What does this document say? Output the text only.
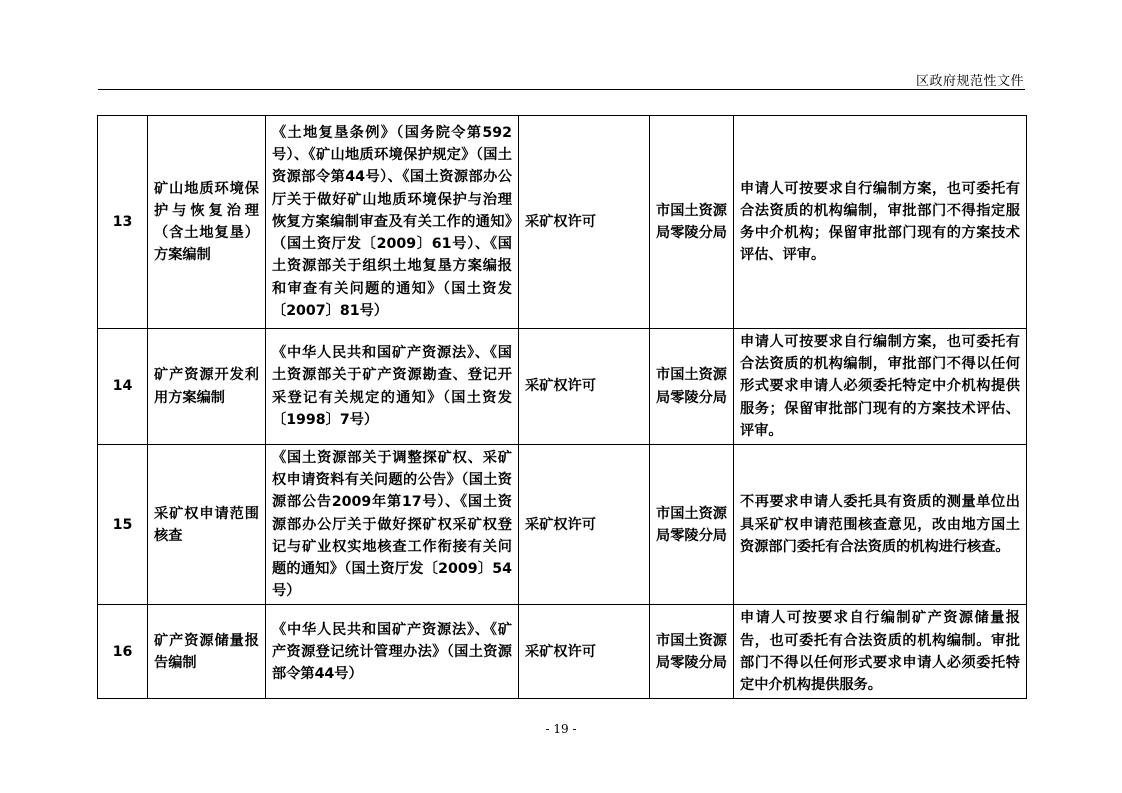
区政府规范性文件
13	矿山地质环境保护与恢复治理（含土地复垦）方案编制	《土地复垦条例》（国务院令第592号）、《矿山地质环境保护规定》（国土资源部令第44号）、《国土资源部办公厅关于做好矿山地质环境保护与治理恢复方案编制审查及有关工作的通知》（国土资厅发〔2009〕61号）、《国土资源部关于组织土地复垦方案编报和审查有关问题的通知》（国土资发〔2007〕81号）	采矿权许可	市国土资源局零陵分局	申请人可按要求自行编制方案，也可委托有合法资质的机构编制，审批部门不得指定服务中介机构；保留审批部门现有的方案技术评估、评审。
14	矿产资源开发利用方案编制	《中华人民共和国矿产资源法》、《国土资源部关于矿产资源勘查、登记开采登记有关规定的通知》（国土资发〔1998〕7号）	采矿权许可	市国土资源局零陵分局	申请人可按要求自行编制方案，也可委托有合法资质的机构编制，审批部门不得以任何形式要求申请人必须委托特定中介机构提供服务；保留审批部门现有的方案技术评估、评审。
15	采矿权申请范围核查	《国土资源部关于调整探矿权、采矿权申请资料有关问题的公告》（国土资源部公告2009年第17号）、《国土资源部办公厅关于做好探矿权采矿权登记与矿业权实地核查工作衔接有关问题的通知》（国土资厅发〔2009〕54号）	采矿权许可	市国土资源局零陵分局	不再要求申请人委托具有资质的测量单位出具采矿权申请范围核查意见，改由地方国土资源部门委托有合法资质的机构进行核查。
16	矿产资源储量报告编制	《中华人民共和国矿产资源法》、《矿产资源登记统计管理办法》（国土资源部令第44号）	采矿权许可	市国土资源局零陵分局	申请人可按要求自行编制矿产资源储量报告，也可委托有合法资质的机构编制。审批部门不得以任何形式要求申请人必须委托特定中介机构提供服务。
- 19 -
